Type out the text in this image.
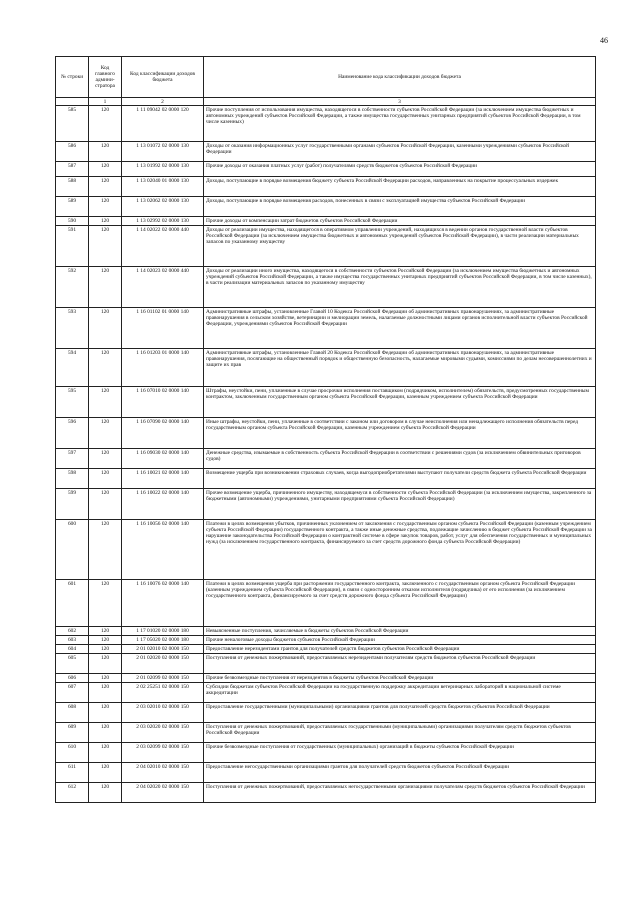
46
№ строки	Код главного админи-стратора	Код классификации доходов бюджета	Наименование кода классификации доходов бюджета
	1	2	3
585	120	1 11 09042 02 0000 120	Прочие поступления от использования имущества, находящегося в собственности субъектов Российской Федерации (за исключением имущества бюджетных и автономных учреждений субъектов Российской Федерации, а также имущества государственных унитарных предприятий субъектов Российской Федерации, в том числе казенных)
586	120	1 13 01072 02 0000 130	Доходы от оказания информационных услуг государственными органами субъектов Российской Федерации, казенными учреждениями субъектов Российской Федерации
587	120	1 13 01992 02 0000 130	Прочие доходы от оказания платных услуг (работ) получателями средств бюджетов субъектов Российской Федерации
588	120	1 13 02040 01 0000 130	Доходы, поступающие в порядке возмещения бюджету субъекта Российской Федерации расходов, направленных на покрытие процессуальных издержек
589	120	1 13 02062 02 0000 130	Доходы, поступающие в порядке возмещения расходов, понесенных в связи с эксплуатацией имущества субъектов Российской Федерации
590	120	1 13 02992 02 0000 130	Прочие доходы от компенсации затрат бюджетов субъектов Российской Федерации
591	120	1 14 02022 02 0000 440	Доходы от реализации имущества, находящегося в оперативном управлении учреждений, находящихся в ведении органов государственной власти субъектов Российской Федерации (за исключением имущества бюджетных и автономных учреждений субъектов Российской Федерации), в части реализации материальных запасов по указанному имуществу
592	120	1 14 02023 02 0000 440	Доходы от реализации иного имущества, находящегося в собственности субъектов Российской Федерации (за исключением имущества бюджетных и автономных учреждений субъектов Российской Федерации, а также имущества государственных унитарных предприятий субъектов Российской Федерации, в том числе казенных), в части реализации материальных запасов по указанному имуществу
593	120	1 16 01102 01 0000 140	Административные штрафы, установленные Главой 10 Кодекса Российской Федерации об административных правонарушениях, за административные правонарушения в сельском хозяйстве, ветеринарии и мелиорации земель, налагаемые должностными лицами органов исполнительной власти субъектов Российской Федерации, учреждениями субъектов Российской Федерации
594	120	1 16 01203 01 0000 140	Административные штрафы, установленные Главой 20 Кодекса Российской Федерации об административных правонарушениях, за административные правонарушения, посягающие на общественный порядок и общественную безопасность, налагаемые мировыми судьями, комиссиями по делам несовершеннолетних и защите их прав
595	120	1 16 07010 02 0000 140	Штрафы, неустойки, пени, уплаченные в случае просрочки исполнения поставщиком (подрядчиком, исполнителем) обязательств, предусмотренных государственным контрактом, заключенным государственным органом субъекта Российской Федерации, казенным учреждением субъекта Российской Федерации
596	120	1 16 07090 02 0000 140	Иные штрафы, неустойки, пени, уплаченные в соответствии с законом или договором в случае неисполнения или ненадлежащего исполнения обязательств перед государственным органом субъекта Российской Федерации, казенным учреждением субъекта Российской Федерации
597	120	1 16 09030 02 0000 140	Денежные средства, изымаемые в собственность субъекта Российской Федерации в соответствии с решениями судов (за исключением обвинительных приговоров судов)
598	120	1 16 10021 02 0000 140	Возмещение ущерба при возникновении страховых случаев, когда выгодоприобретателями выступают получатели средств бюджета субъекта Российской Федерации
599	120	1 16 10022 02 0000 140	Прочее возмещение ущерба, причиненного имуществу, находящемуся в собственности субъекта Российской Федерации (за исключением имущества, закрепленного за бюджетными (автономными) учреждениями, унитарными предприятиями субъекта Российской Федерации)
600	120	1 16 10056 02 0000 140	Платежи в целях возмещения убытков, причиненных уклонением от заключения с государственным органом субъекта Российской Федерации (казенным учреждением субъекта Российской Федерации) государственного контракта, а также иные денежные средства, подлежащие зачислению в бюджет субъекта Российской Федерации за нарушение законодательства Российской Федерации о контрактной системе в сфере закупок товаров, работ, услуг для обеспечения государственных и муниципальных нужд (за исключением государственного контракта, финансируемого за счет средств дорожного фонда субъекта Российской Федерации)
601	120	1 16 10076 02 0000 140	Платежи в целях возмещения ущерба при расторжении государственного контракта, заключенного с государственным органом субъекта Российской Федерации (казенным учреждением субъекта Российской Федерации), в связи с односторонним отказом исполнителя (подрядчика) от его исполнения (за исключением государственного контракта, финансируемого за счет средств дорожного фонда субъекта Российской Федерации)
602	120	1 17 01020 02 0000 180	Невыясненные поступления, зачисляемые в бюджеты субъектов Российской Федерации
603	120	1 17 05020 02 0000 180	Прочие неналоговые доходы бюджетов субъектов Российской Федерации
604	120	2 01 02010 02 0000 150	Предоставление нерезидентами грантов для получателей средств бюджетов субъектов Российской Федерации
605	120	2 01 02020 02 0000 150	Поступления от денежных пожертвований, предоставляемых нерезидентами получателям средств бюджетов субъектов Российской Федерации
606	120	2 01 02099 02 0000 150	Прочие безвозмездные поступления от нерезидентов в бюджеты субъектов Российской Федерации
607	120	2 02 25251 02 0000 150	Субсидии бюджетам субъектов Российской Федерации на государственную поддержку аккредитации ветеринарных лабораторий в национальной системе аккредитации
608	120	2 03 02010 02 0000 150	Предоставление государственными (муниципальными) организациями грантов для получателей средств бюджетов субъектов Российской Федерации
609	120	2 03 02020 02 0000 150	Поступления от денежных пожертвований, предоставляемых государственными (муниципальными) организациями получателям средств бюджетов субъектов Российской Федерации
610	120	2 03 02099 02 0000 150	Прочие безвозмездные поступления от государственных (муниципальных) организаций в бюджеты субъектов Российской Федерации
611	120	2 04 02010 02 0000 150	Предоставление негосударственными организациями грантов для получателей средств бюджетов субъектов Российской Федерации
612	120	2 04 02020 02 0000 150	Поступления от денежных пожертвований, предоставляемых негосударственными организациями получателям средств бюджетов субъектов Российской Федерации
